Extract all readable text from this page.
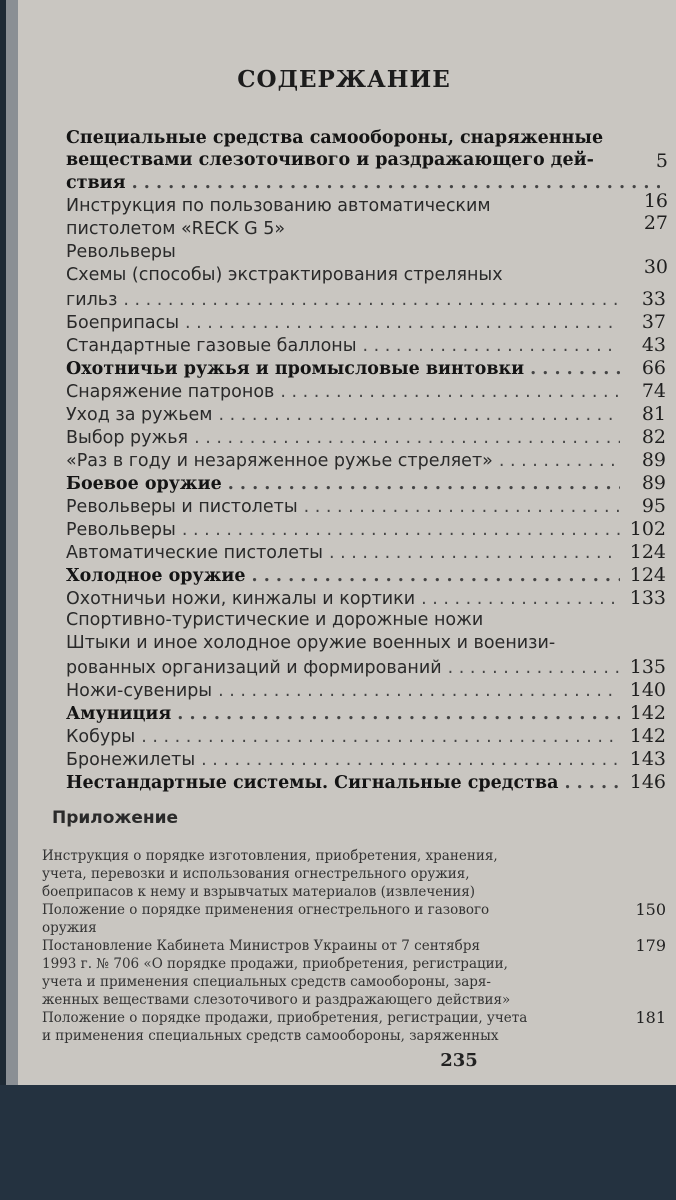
СОДЕРЖАНИЕ
Специальные средства самообороны, снаряженные
веществами слезоточивого и раздражающего дей-	5
ствия
. . .
Инструкция по пользованию автоматическим	16
пистолетом «RECK G 5»	27
Револьверы
Схемы (способы) экстрактирования стреляных	30
гильз . . .	33
Боеприпасы . . .	37
Стандартные газовые баллоны . . .	43
Охотничьи ружья и промысловые винтовки . . .	66
Снаряжение патронов . . .	74
Уход за ружьем . . .	81
Выбор ружья . . .	82
«Раз в году и незаряженное ружье стреляет» . . .	89
Боевое оружие . . .	89
Револьверы и пистолеты . . .	95
Револьверы . . .	102
Автоматические пистолеты . . .	124
Холодное оружие . . .	124
Охотничьи ножи, кинжалы и кортики . . .	133
Спортивно-туристические и дорожные ножи
Штыки и иное холодное оружие военных и военизи-
рованных организаций и формирований . . .	135
Ножи-сувениры . . .	140
Амуниция . . .	142
Кобуры . . .	142
Бронежилеты . . .	143
Нестандартные системы. Сигнальные средства . . .	146
Приложение
Инструкция о порядке изготовления, приобретения, хранения,
учета, перевозки и использования огнестрельного оружия,
боеприпасов к нему и взрывчатых материалов (извлечения)
Положение о порядке применения огнестрельного и газового	150
оружия
Постановление Кабинета Министров Украины от 7 сентября	179
1993 г. № 706 «О порядке продажи, приобретения, регистрации,
учета и применения специальных средств самообороны, заря-
женных веществами слезоточивого и раздражающего действия»
Положение о порядке продажи, приобретения, регистрации, учета	181
и применения специальных средств самообороны, заряженных
235
